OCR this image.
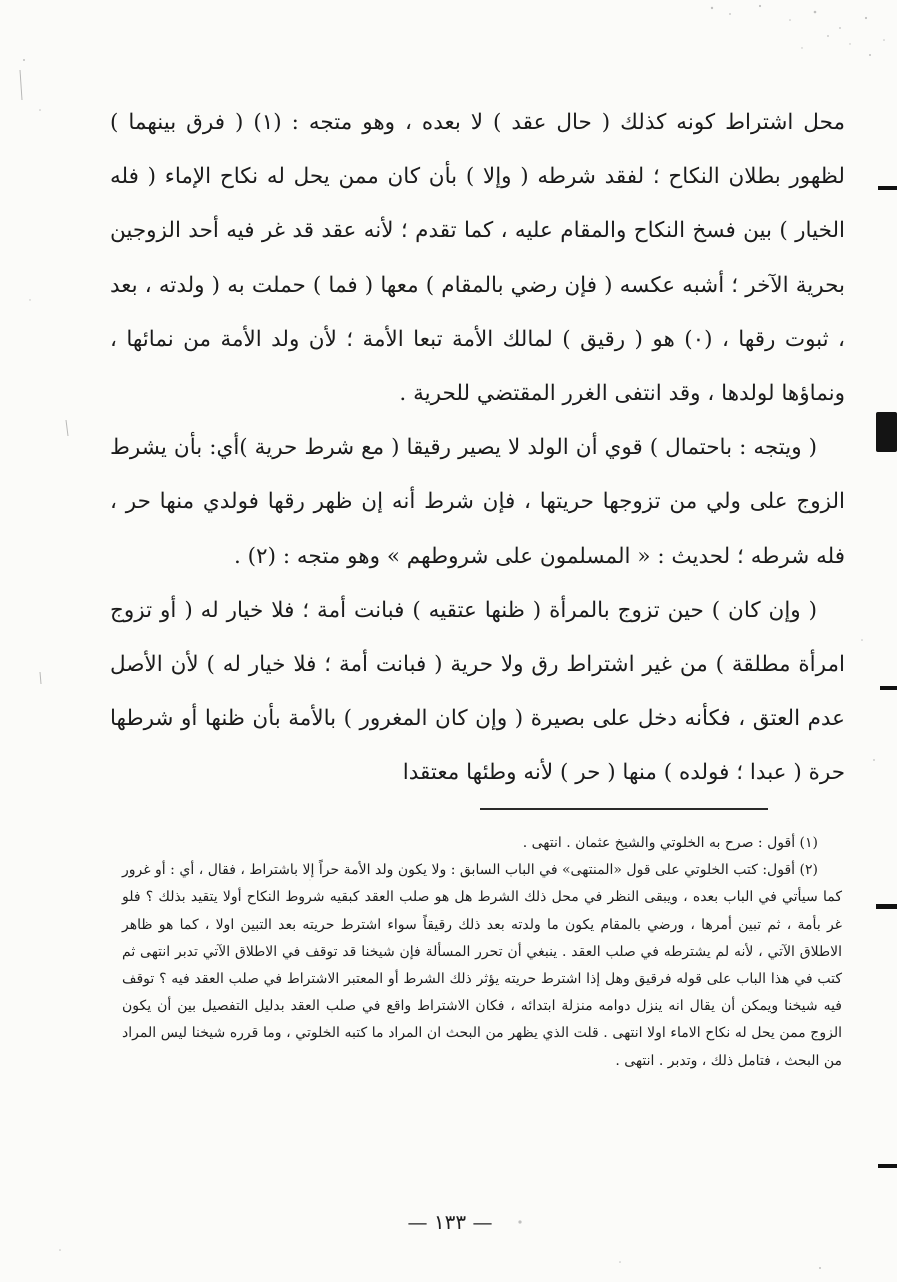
محل اشتراط كونه كذلك ( حال عقد ) لا بعده ، وهو متجه : (١) ( فرق بينهما ) لظهور بطلان النكاح ؛ لفقد شرطه ( وإلا ) بأن كان ممن يحل له نكاح الإماء ( فله الخيار ) بين فسخ النكاح والمقام عليه ، كما تقدم ؛ لأنه عقد قد غر فيه أحد الزوجين بحرية الآخر ؛ أشبه عكسه ( فإن رضي بالمقام ) معها ( فما ) حملت به ( ولدته ، بعد ، ثبوت رقها ، (٠) هو ( رقيق ) لمالك الأمة تبعا الأمة ؛ لأن ولد الأمة من نمائها ، ونماؤها لولدها ، وقد انتفى الغرر المقتضي للحرية .

( ويتجه : باحتمال ) قوي أن الولد لا يصير رقيقا ( مع شرط حرية )أي: بأن يشرط الزوج على ولي من تزوجها حريتها ، فإن شرط أنه إن ظهر رقها فولدي منها حر ، فله شرطه ؛ لحديث : « المسلمون على شروطهم » وهو متجه : (٢) .

( وإن كان ) حين تزوج بالمرأة ( ظنها عتقيه ) فبانت أمة ؛ فلا خيار له ( أو تزوج امرأة مطلقة ) من غير اشتراط رق ولا حرية ( فبانت أمة ؛ فلا خيار له ) لأن الأصل عدم العتق ، فكأنه دخل على بصيرة ( وإن كان المغرور ) بالأمة بأن ظنها أو شرطها حرة ( عبدا ؛ فولده ) منها ( حر ) لأنه وطئها معتقدا

(١) أقول : صرح به الخلوتي والشيخ عثمان . انتهى .

(٢) أقول: كتب الخلوتي على قول «المنتهى» في الباب السابق : ولا يكون ولد الأمة حراً إلا باشتراط ، فقال ، أي : أو غرور كما سيأتي في الباب بعده ، ويبقى النظر في محل ذلك الشرط هل هو صلب العقد كبقيه شروط النكاح أولا يتقيد بذلك ؟ فلو غر بأمة ، ثم تبين أمرها ، ورضي بالمقام يكون ما ولدته بعد ذلك رقيقاً سواء اشترط حريته بعد التبين اولا ، كما هو ظاهر الاطلاق الآتي ، لأنه لم يشترطه في صلب العقد . ينبغي أن تحرر المسألة فإن شيخنا قد توقف في الاطلاق الآتي تدبر انتهى ثم كتب في هذا الباب على قوله فرقيق وهل إذا اشترط حريته يؤثر ذلك الشرط أو المعتبر الاشتراط في صلب العقد فيه ؟ توقف فيه شيخنا ويمكن أن يقال انه ينزل دوامه منزلة ابتدائه ، فكان الاشتراط واقع في صلب العقد بدليل التفصيل بين أن يكون الزوج ممن يحل له نكاح الاماء اولا انتهى . قلت الذي يظهر من البحث ان المراد ما كتبه الخلوتي ، وما قرره شيخنا ليس المراد من البحث ، فتامل ذلك ، وتدبر . انتهى .

— ١٣٣ —
